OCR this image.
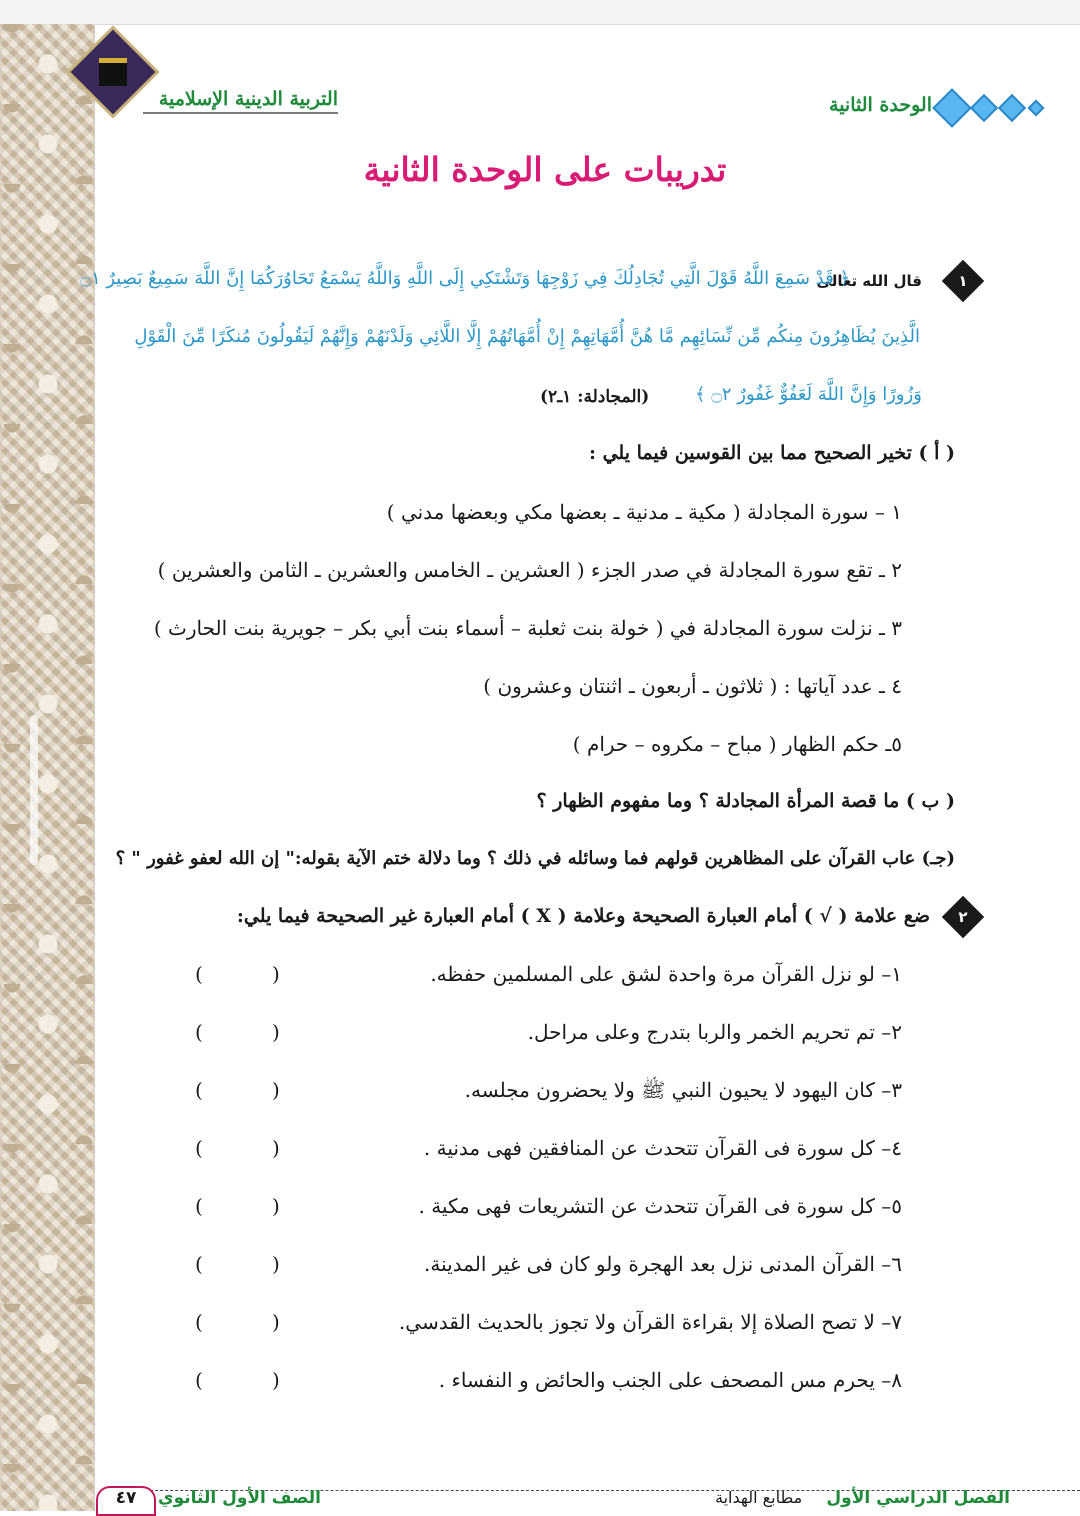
التربية الدينية الإسلامية	الوحدة الثانية
تدريبات على الوحدة الثانية
١
قال الله تعالى
﴿ قَدْ سَمِعَ اللَّهُ قَوْلَ الَّتِي تُجَادِلُكَ فِي زَوْجِهَا وَتَشْتَكِي إِلَى اللَّهِ وَاللَّهُ يَسْمَعُ تَحَاوُرَكُمَا إِنَّ اللَّهَ سَمِيعٌ بَصِيرٌ ۝١
الَّذِينَ يُظَاهِرُونَ مِنكُم مِّن نِّسَائِهِم مَّا هُنَّ أُمَّهَاتِهِمْ إِنْ أُمَّهَاتُهُمْ إِلَّا اللَّائِي وَلَدْنَهُمْ وَإِنَّهُمْ لَيَقُولُونَ مُنكَرًا مِّنَ الْقَوْلِ
وَزُورًا وَإِنَّ اللَّهَ لَعَفُوٌّ غَفُورٌ ۝٢ ﴾
(المجادلة: ١ـ٢)
( أ ) تخير الصحيح مما بين القوسين فيما يلي :
١ – سورة المجادلة ( مكية ـ مدنية ـ بعضها مكي وبعضها مدني )
٢ ـ تقع سورة المجادلة في صدر الجزء ( العشرين ـ الخامس والعشرين ـ الثامن والعشرين )
٣ ـ نزلت سورة المجادلة في ( خولة بنت ثعلبة – أسماء بنت أبي بكر – جويرية بنت الحارث )
٤ ـ عدد آياتها : ( ثلاثون ـ أربعون ـ اثنتان وعشرون )
٥ـ حكم الظهار ( مباح – مكروه – حرام )
( ب ) ما قصة المرأة المجادلة ؟ وما مفهوم الظهار ؟
(جـ) عاب القرآن على المظاهرين قولهم فما وسائله في ذلك ؟ وما دلالة ختم الآية بقوله:" إن الله لعفو غفور " ؟
٢
ضع علامة ( √ ) أمام العبارة الصحيحة وعلامة ( X ) أمام العبارة غير الصحيحة فيما يلي:
١– لو نزل القرآن مرة واحدة لشق على المسلمين حفظه.
٢– تم تحريم الخمر والربا بتدرج وعلى مراحل.
٣– كان اليهود لا يحيون النبي ﷺ ولا يحضرون مجلسه.
٤– كل سورة فى القرآن تتحدث عن المنافقين فهى مدنية .
٥– كل سورة فى القرآن تتحدث عن التشريعات فهى مكية .
٦– القرآن المدنى نزل بعد الهجرة ولو كان فى غير المدينة.
٧– لا تصح الصلاة إلا بقراءة القرآن ولا تجوز بالحديث القدسي.
٨– يحرم مس المصحف على الجنب والحائض و النفساء .
)
(
)
(
)
(
)
(
)
(
)
(
)
(
)
(
الفصل الدراسي الأول
مطابع الهداية
الصف الأول الثانوي
٤٧
